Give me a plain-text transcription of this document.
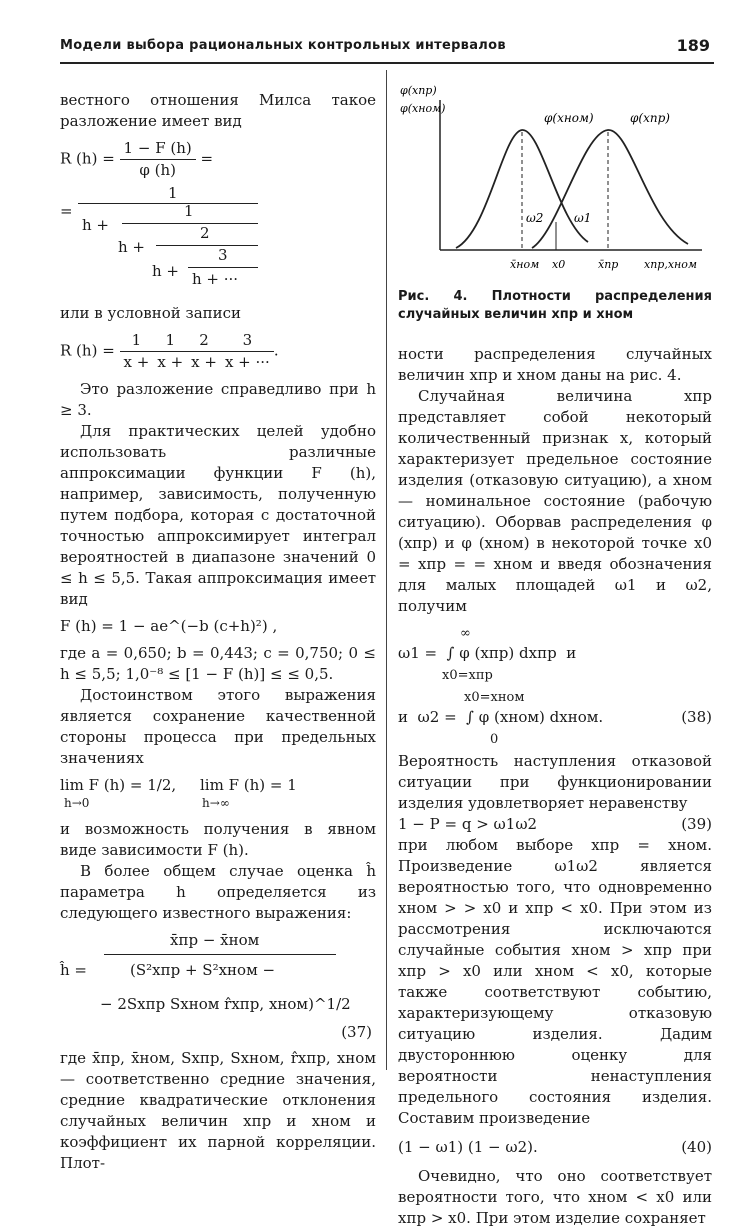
Модели выбора рациональных контрольных интервалов	189

вестного отношения Милса такое разложение имеет вид

R $(h) = \frac{1 - F (h)}{\varphi (h)}$ =
=
1
h +
1
h +
2
h +
3
h + ···

или в условной записи

R $(h) = \frac{1}{x +} \frac{1}{x +} \frac{2}{x +} \frac{3}{x + \cdot\cdot\cdot}$ .

Это разложение справедливо при h ≥ 3.

Для практических целей удобно использовать различные аппроксимации функции F (h), например, зависимость, полученную путем подбора, которая с достаточной точностью аппроксимирует интеграл вероятностей в диапазоне значений 0 ≤ h ≤ 5,5. Такая аппроксимация имеет вид

F (h) = 1 − ae^(−b (c+h)²) ,

где a = 0,650; b = 0,443; c = 0,750; 0 ≤ h ≤ 5,5; 1,0⁻⁸ ≤ [1 − F (h)] ≤ ≤ 0,5.

Достоинством этого выражения является сохранение качественной стороны процесса при предельных значениях

lim F (h) = 1/2,
h→0
lim F (h) = 1
h→∞

и возможность получения в явном виде зависимости F (h).

В более общем случае оценка ĥ параметра h определяется из следующего известного выражения:

ĥ =
x̄пр − x̄ном
(S²xпр + S²xном −
− 2Sxпр Sxном r̂xпр, xном)^1/2
(37)

где x̄пр, x̄ном, Sxпр, Sxном, r̂xпр, xном — соответственно средние значения, средние квадратические отклонения случайных величин xпр и xном и коэффициент их парной корреляции. Плот-

φ(xпр)
φ(xном)
φ(xном)	φ(xпр)
ω2	ω1
x̄ном x0	x̄пр xпр,xном

Рис. 4. Плотности распределения случайных величин xпр и xном

ности распределения случайных величин xпр и xном даны на рис. 4.

Случайная величина xпр представляет собой некоторый количественный признак x, который характеризует предельное состояние изделия (отказовую ситуацию), а xном — номинальное состояние (рабочую ситуацию). Оборвав распределения φ (xпр) и φ (xном) в некоторой точке x0 = xпр = = xном и введя обозначения для малых площадей ω1 и ω2, получим

∞
ω1 =  ∫ φ (xпр) dxпр  и
x0=xпр
x0=xном
и  ω2 =  ∫ φ (xном) dxном.
0
(38)

Вероятность наступления отказовой ситуации при функционировании изделия удовлетворяет неравенству

1 − P = q > ω1ω2	(39)

при любом выборе xпр = xном. Произведение ω1ω2 является вероятностью того, что одновременно xном > > x0 и xпр < x0. При этом из рассмотрения исключаются случайные события xном > xпр при xпр > x0 или xном < x0, которые также соответствуют событию, характеризующему отказовую ситуацию изделия. Дадим двустороннюю оценку для вероятности ненаступления предельного состояния изделия. Составим произведение

(1 − ω1) (1 − ω2).	(40)

Очевидно, что оно соответствует вероятности того, что xном < x0 или xпр > x0. При этом изделие сохраняет
